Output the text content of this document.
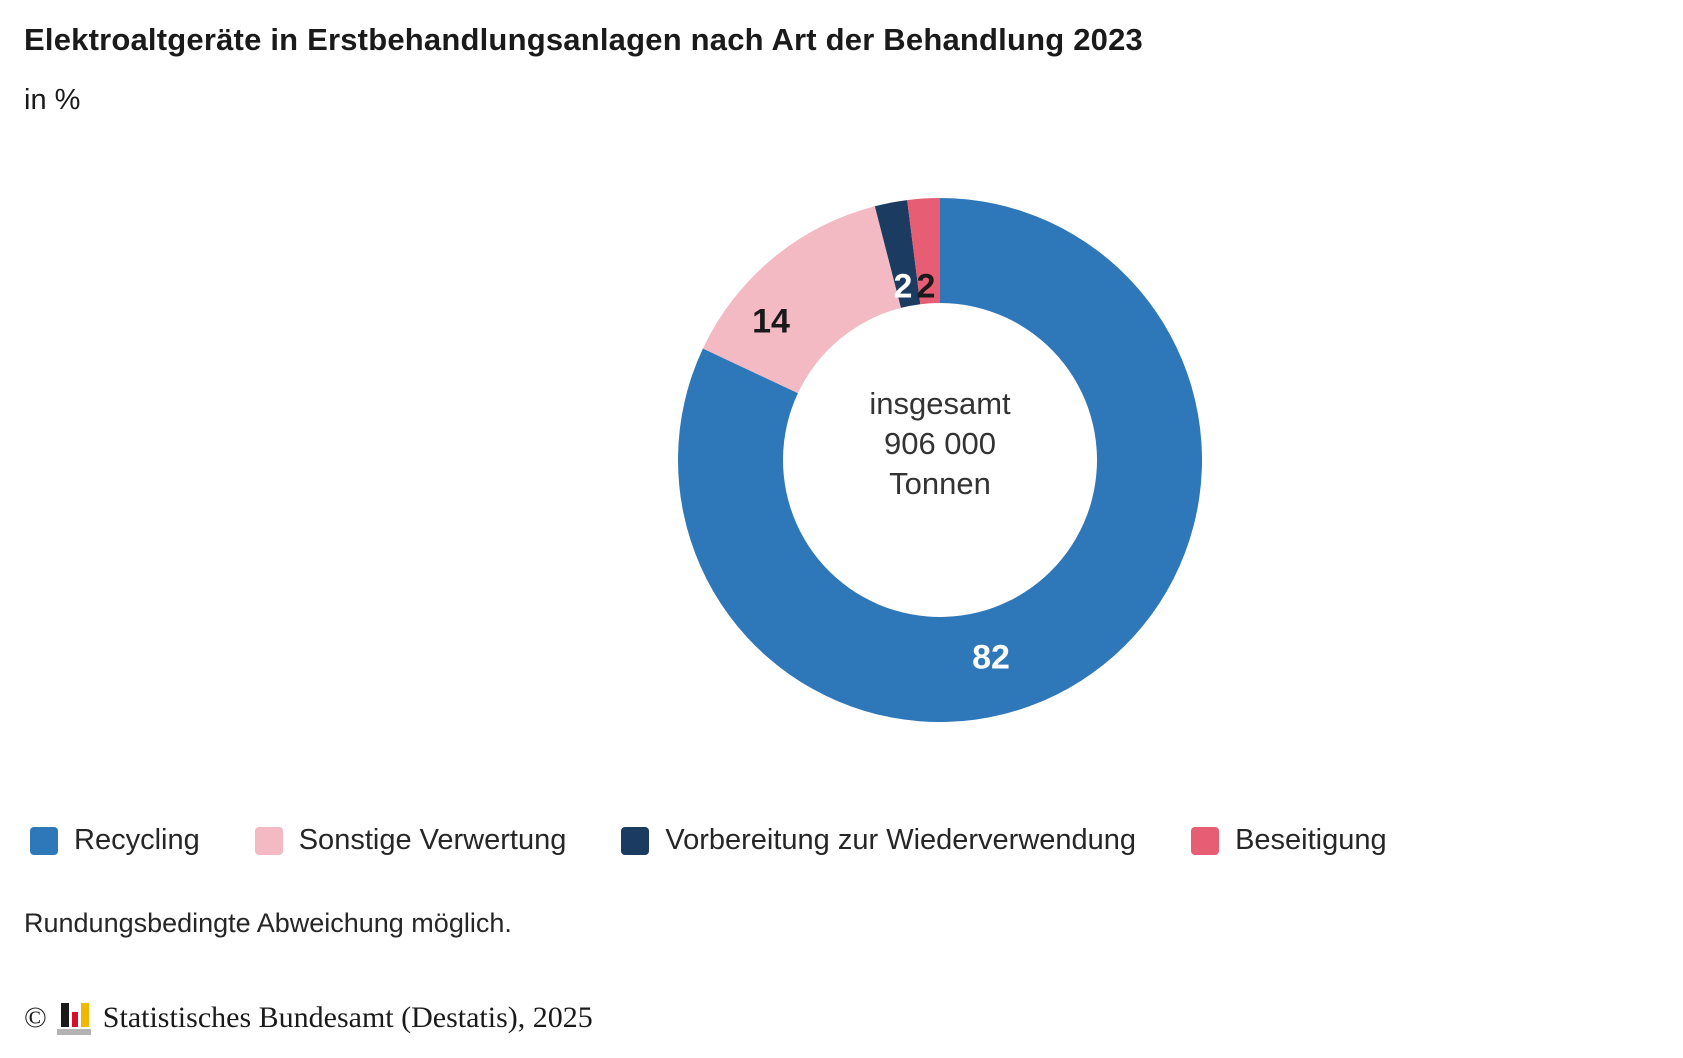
Elektroaltgeräte in Erstbehandlungsanlagen nach Art der Behandlung 2023
in %
insgesamt
906 000
Tonnen
82
14
2 2
Recycling	Sonstige Verwertung	Vorbereitung zur Wiederverwendung	Beseitigung
Rundungsbedingte Abweichung möglich.
© Statistisches Bundesamt (Destatis), 2025
